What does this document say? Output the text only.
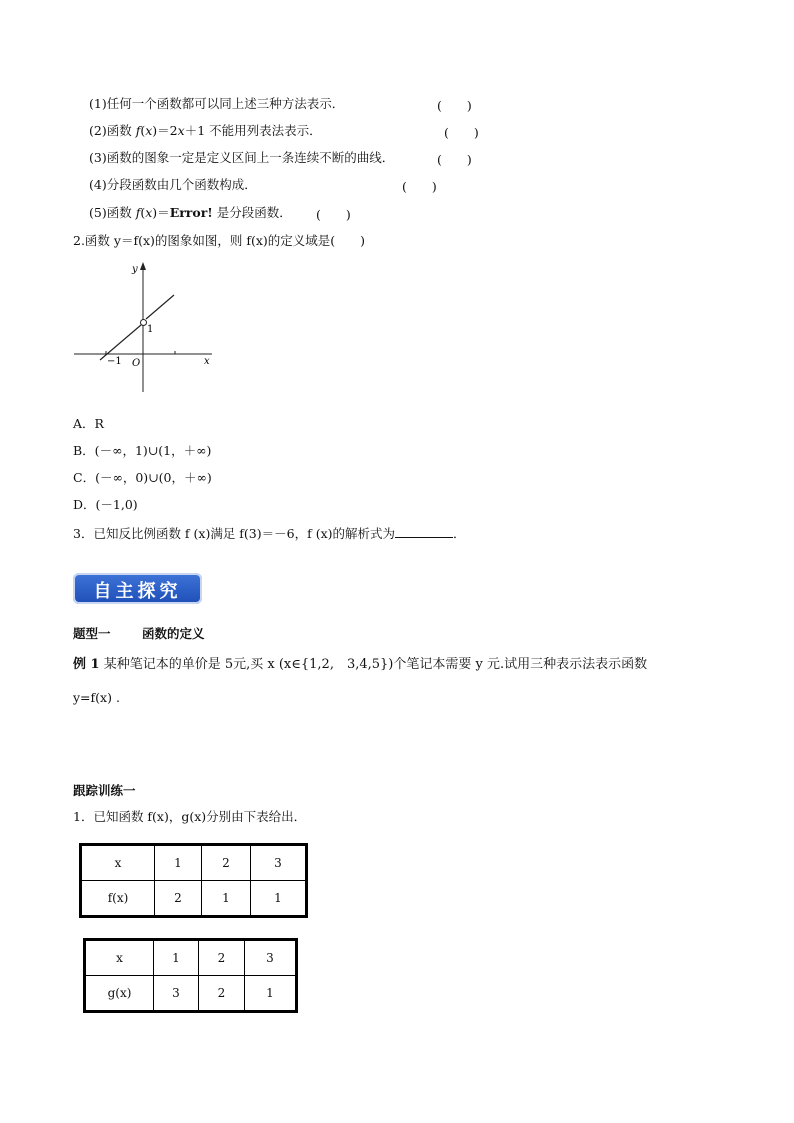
(1)任何一个函数都可以同上述三种方法表示．	(　　)
(2)函数 f(x)＝2x＋1 不能用列表法表示．	(　　)
(3)函数的图象一定是定义区间上一条连续不断的曲线．	(　　)
(4)分段函数由几个函数构成．	(　　)
(5)函数 f(x)＝Error! 是分段函数． (　　)
2.函数 y＝f(x)的图象如图，则 f(x)的定义域是(　　)
y
x
O
−1
1
A．R
B．(－∞，1)∪(1，＋∞)
C．(－∞，0)∪(0，＋∞)
D．(－1,0)
3．已知反比例函数 f (x)满足 f(3)＝－6，f (x)的解析式为	．
自主探究
题型一	函数的定义
例 1 某种笔记本的单价是 5元,买 x (x∈{1,2,　3,4,5})个笔记本需要 y 元.试用三种表示法表示函数
y=f(x) .
跟踪训练一
1．已知函数 f(x)，g(x)分别由下表给出．
x	1	2	3
f(x)	2	1	1
x	1	2	3
g(x)	3	2	1
